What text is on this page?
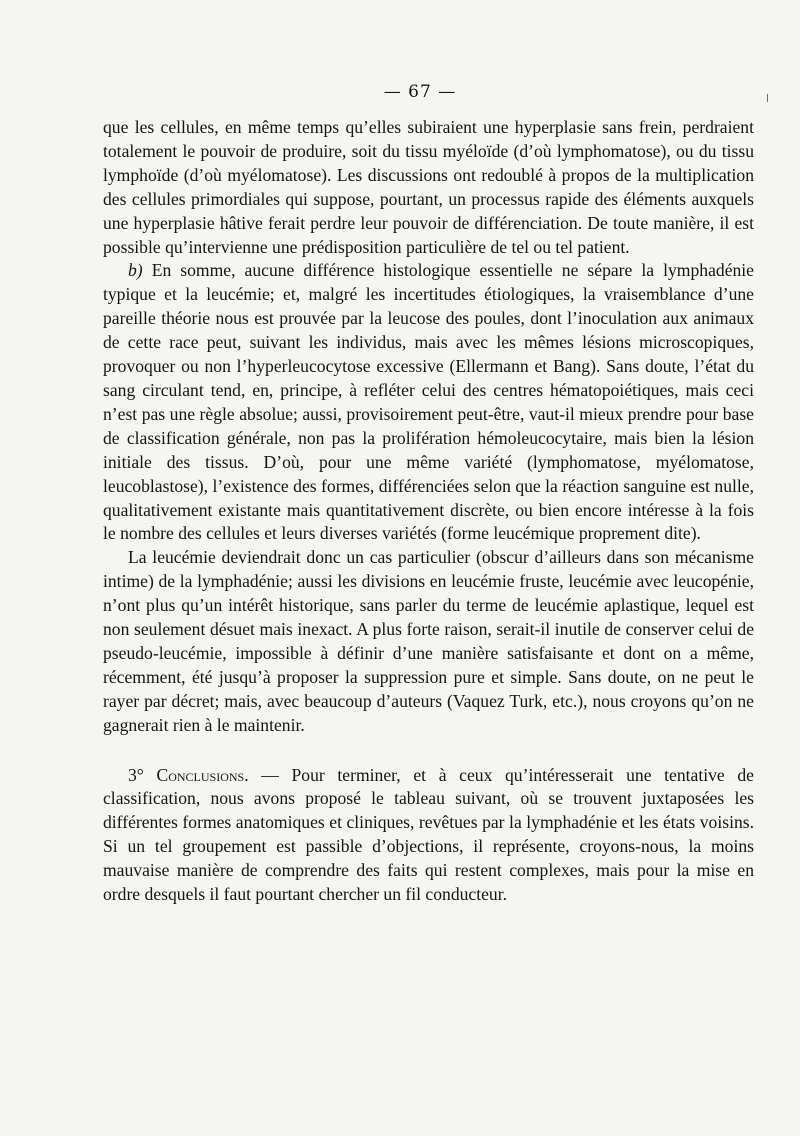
— 67 —

que les cellules, en même temps qu’elles subiraient une hyperplasie sans frein, perdraient totalement le pouvoir de produire, soit du tissu myéloïde (d’où lymphomatose), ou du tissu lymphoïde (d’où myélomatose). Les discussions ont redoublé à propos de la multiplication des cellules primordiales qui suppose, pourtant, un processus rapide des éléments auxquels une hyperplasie hâtive ferait perdre leur pouvoir de différenciation. De toute manière, il est possible qu’intervienne une prédisposition particulière de tel ou tel patient.

b) En somme, aucune différence histologique essentielle ne sépare la lymphadénie typique et la leucémie; et, malgré les incertitudes étiologiques, la vraisemblance d’une pareille théorie nous est prouvée par la leucose des poules, dont l’inoculation aux animaux de cette race peut, suivant les individus, mais avec les mêmes lésions microscopiques, provoquer ou non l’hyperleucocytose excessive (Ellermann et Bang). Sans doute, l’état du sang circulant tend, en, principe, à refléter celui des centres hématopoiétiques, mais ceci n’est pas une règle absolue; aussi, provisoirement peut-être, vaut-il mieux prendre pour base de classification générale, non pas la prolifération hémoleucocytaire, mais bien la lésion initiale des tissus. D’où, pour une même variété (lymphomatose, myélomatose, leucoblastose), l’existence des formes, différenciées selon que la réaction sanguine est nulle, qualitativement existante mais quantitativement discrète, ou bien encore intéresse à la fois le nombre des cellules et leurs diverses variétés (forme leucémique proprement dite).

La leucémie deviendrait donc un cas particulier (obscur d’ailleurs dans son mécanisme intime) de la lymphadénie; aussi les divisions en leucémie fruste, leucémie avec leucopénie, n’ont plus qu’un intérêt historique, sans parler du terme de leucémie aplastique, lequel est non seulement désuet mais inexact. A plus forte raison, serait-il inutile de conserver celui de pseudo-leucémie, impossible à définir d’une manière satisfaisante et dont on a même, récemment, été jusqu’à proposer la suppression pure et simple. Sans doute, on ne peut le rayer par décret; mais, avec beaucoup d’auteurs (Vaquez Turk, etc.), nous croyons qu’on ne gagnerait rien à le maintenir.

3° Conclusions. — Pour terminer, et à ceux qu’intéresserait une tentative de classification, nous avons proposé le tableau suivant, où se trouvent juxtaposées les différentes formes anatomiques et cliniques, revêtues par la lymphadénie et les états voisins. Si un tel groupement est passible d’objections, il représente, croyons-nous, la moins mauvaise manière de comprendre des faits qui restent complexes, mais pour la mise en ordre desquels il faut pourtant chercher un fil conducteur.
